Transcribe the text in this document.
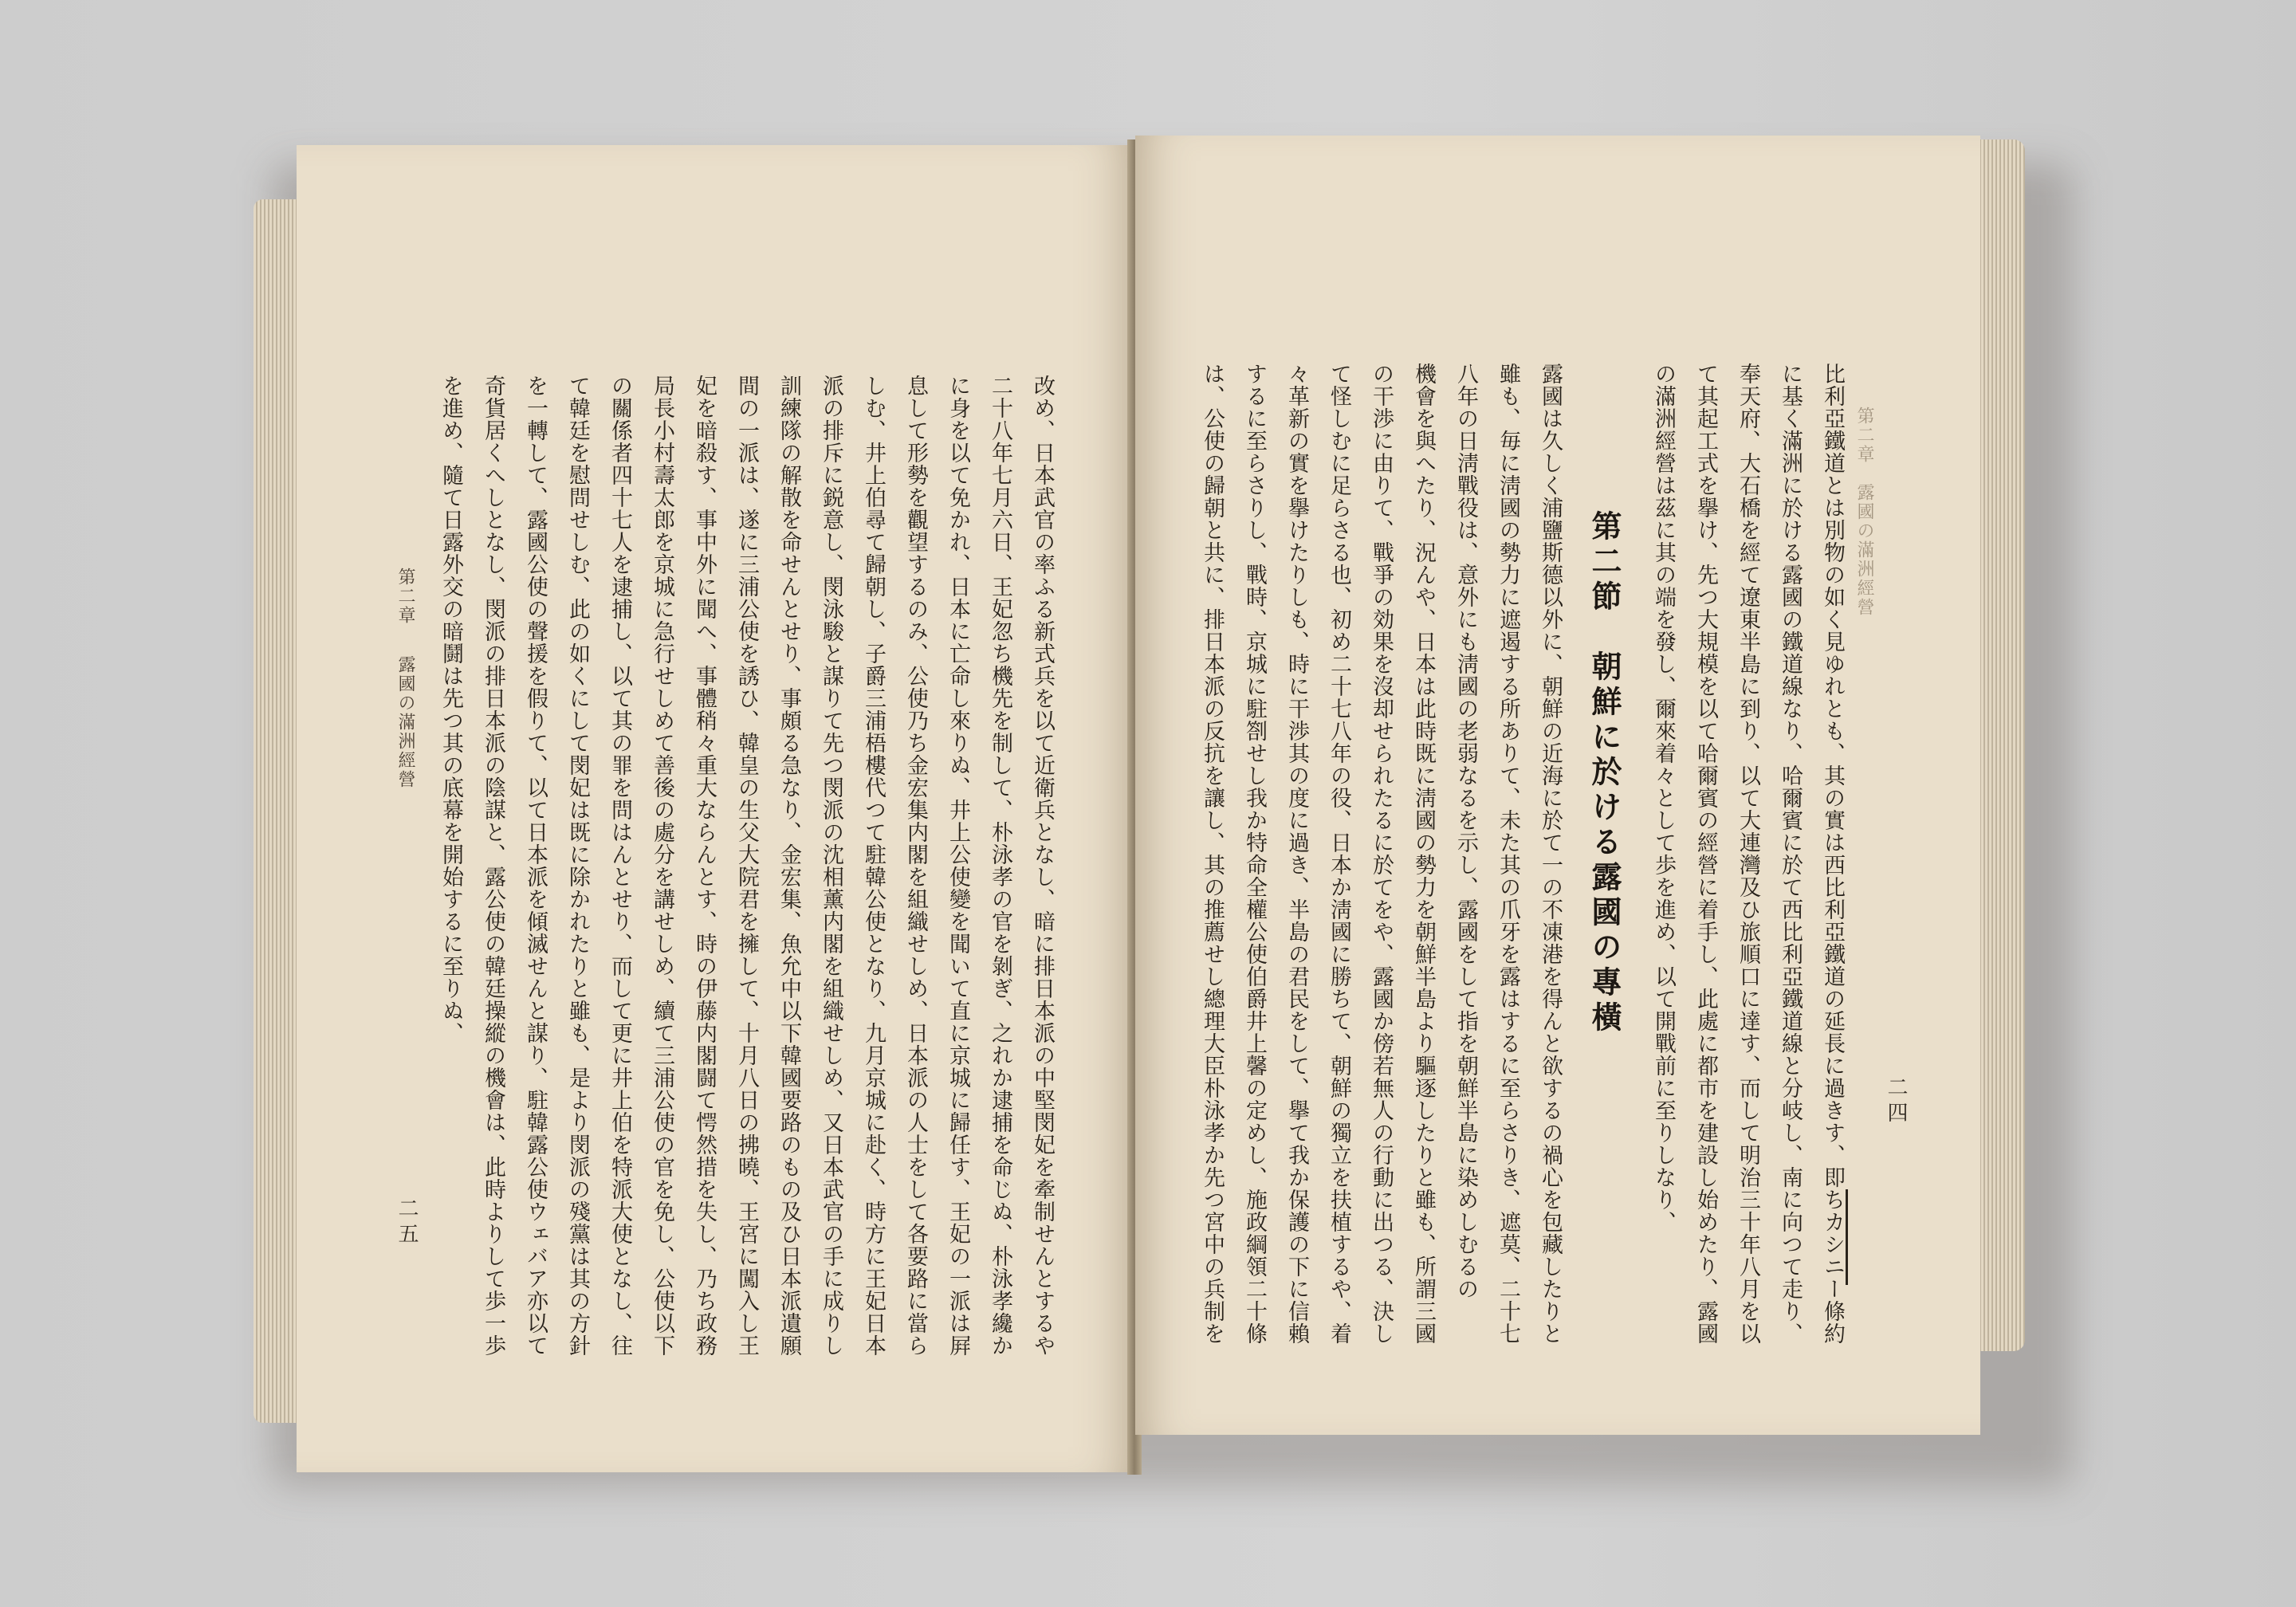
第二章
露國の滿洲經營
二五	改め、日本武官の率ふる新式兵を以て近衛兵となし、暗に排日本派の中堅閔妃を牽制せんとするや
二十八年七月六日、王妃忽ち機先を制して、朴泳孝の官を剝ぎ、之れか逮捕を命じぬ、朴泳孝纔か
に身を以て免かれ、日本に亡命し來りぬ、井上公使變を聞いて直に京城に歸任す、王妃の一派は屛
息して形勢を觀望するのみ、公使乃ち金宏集内閣を組織せしめ、日本派の人士をして各要路に當ら
しむ、井上伯尋て歸朝し、子爵三浦梧樓代つて駐韓公使となり、九月京城に赴く、時方に王妃日本
派の排斥に鋭意し、閔泳駿と謀りて先つ閔派の沈相薰内閣を組織せしめ、又日本武官の手に成りし
訓練隊の解散を命せんとせり、事頗る急なり、金宏集、魚允中以下韓國要路のもの及ひ日本派遺願
間の一派は、遂に三浦公使を誘ひ、韓皇の生父大院君を擁して、十月八日の拂曉、王宮に闖入し王
妃を暗殺す、事中外に聞へ、事體稍々重大ならんとす、時の伊藤内閣闘て愕然措を失し、乃ち政務
局長小村壽太郎を京城に急行せしめて善後の處分を講せしめ、續て三浦公使の官を免し、公使以下
の關係者四十七人を逮捕し、以て其の罪を問はんとせり、而して更に井上伯を特派大使となし、往
て韓廷を慰問せしむ、此の如くにして閔妃は既に除かれたりと雖も、是より閔派の殘黨は其の方針
を一轉して、露國公使の聲援を假りて、以て日本派を傾滅せんと謀り、駐韓露公使ウェバア亦以て
奇貨居くへしとなし、閔派の排日本派の陰謀と、露公使の韓廷操縱の機會は、此時よりして歩一歩
を進め、隨て日露外交の暗鬪は先つ其の底幕を開始するに至りぬ、	第二章　露國の滿洲經營
二四
比利亞鐵道とは別物の如く見ゆれとも、其の實は西比利亞鐵道の延長に過きす、即ちカシニー條約
に基く滿洲に於ける露國の鐵道線なり、哈爾賓に於て西比利亞鐵道線と分岐し、南に向つて走り、
奉天府、大石橋を經て遼東半島に到り、以て大連灣及ひ旅順口に達す、而して明治三十年八月を以
て其起工式を擧け、先つ大規模を以て哈爾賓の經營に着手し、此處に都市を建設し始めたり、露國
の滿洲經營は茲に其の端を發し、爾來着々として歩を進め、以て開戰前に至りしなり、
第二節　朝鮮に於ける露國の專橫
露國は久しく浦鹽斯德以外に、朝鮮の近海に於て一の不凍港を得んと欲するの禍心を包藏したりと
雖も、毎に淸國の勢力に遮遏する所ありて、未た其の爪牙を露はするに至らさりき、遮莫、二十七
八年の日淸戰役は、意外にも淸國の老弱なるを示し、露國をして指を朝鮮半島に染めしむるの
機會を與へたり、況んや、日本は此時既に淸國の勢力を朝鮮半島より驅逐したりと雖も、所謂三國
の干渉に由りて、戰爭の効果を沒却せられたるに於てをや、露國か傍若無人の行動に出つる、決し
て怪しむに足らさる也、初め二十七八年の役、日本か淸國に勝ちて、朝鮮の獨立を扶植するや、着
々革新の實を擧けたりしも、時に干渉其の度に過き、半島の君民をして、擧て我か保護の下に信賴
するに至らさりし、戰時、京城に駐劄せし我か特命全權公使伯爵井上馨の定めし、施政綱領二十條
は、公使の歸朝と共に、排日本派の反抗を讓し、其の推薦せし總理大臣朴泳孝か先つ宮中の兵制を
